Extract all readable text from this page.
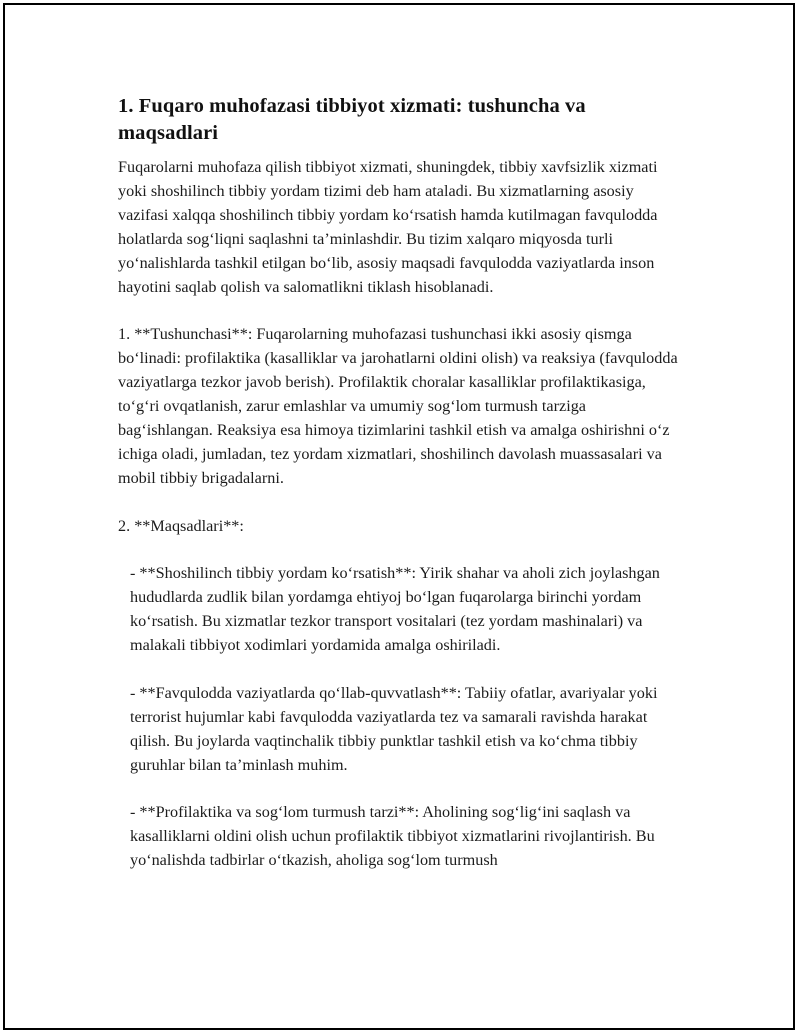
1. Fuqaro muhofazasi tibbiyot xizmati: tushuncha va maqsadlari

Fuqarolarni muhofaza qilish tibbiyot xizmati, shuningdek, tibbiy xavfsizlik xizmati yoki shoshilinch tibbiy yordam tizimi deb ham ataladi. Bu xizmatlarning asosiy vazifasi xalqqa shoshilinch tibbiy yordam ko‘rsatish hamda kutilmagan favqulodda holatlarda sog‘liqni saqlashni ta’minlashdir. Bu tizim xalqaro miqyosda turli yo‘nalishlarda tashkil etilgan bo‘lib, asosiy maqsadi favqulodda vaziyatlarda inson hayotini saqlab qolish va salomatlikni tiklash hisoblanadi.

1. **Tushunchasi**: Fuqarolarning muhofazasi tushunchasi ikki asosiy qismga bo‘linadi: profilaktika (kasalliklar va jarohatlarni oldini olish) va reaksiya (favqulodda vaziyatlarga tezkor javob berish). Profilaktik choralar kasalliklar profilaktikasiga, to‘g‘ri ovqatlanish, zarur emlashlar va umumiy sog‘lom turmush tarziga bag‘ishlangan. Reaksiya esa himoya tizimlarini tashkil etish va amalga oshirishni o‘z ichiga oladi, jumladan, tez yordam xizmatlari, shoshilinch davolash muassasalari va mobil tibbiy brigadalarni.

2. **Maqsadlari**:

- **Shoshilinch tibbiy yordam ko‘rsatish**: Yirik shahar va aholi zich joylashgan hududlarda zudlik bilan yordamga ehtiyoj bo‘lgan fuqarolarga birinchi yordam ko‘rsatish. Bu xizmatlar tezkor transport vositalari (tez yordam mashinalari) va malakali tibbiyot xodimlari yordamida amalga oshiriladi.

- **Favqulodda vaziyatlarda qo‘llab-quvvatlash**: Tabiiy ofatlar, avariyalar yoki terrorist hujumlar kabi favqulodda vaziyatlarda tez va samarali ravishda harakat qilish. Bu joylarda vaqtinchalik tibbiy punktlar tashkil etish va ko‘chma tibbiy guruhlar bilan ta’minlash muhim.

- **Profilaktika va sog‘lom turmush tarzi**: Aholining sog‘lig‘ini saqlash va kasalliklarni oldini olish uchun profilaktik tibbiyot xizmatlarini rivojlantirish. Bu yo‘nalishda tadbirlar o‘tkazish, aholiga sog‘lom turmush
